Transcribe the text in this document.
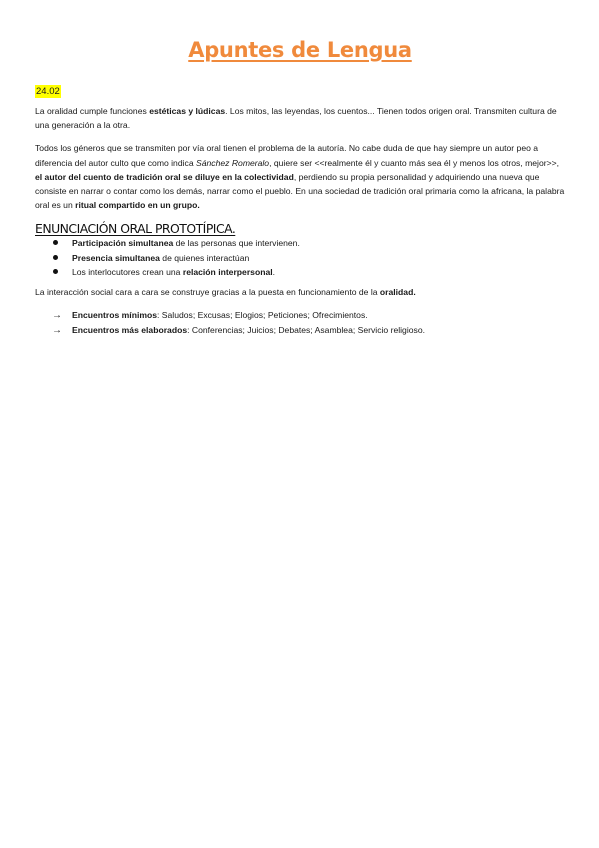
Apuntes de Lengua
24.02

La oralidad cumple funciones estéticas y lúdicas. Los mitos, las leyendas, los cuentos... Tienen todos origen oral. Transmiten cultura de una generación a la otra.

Todos los géneros que se transmiten por vía oral tienen el problema de la autoría. No cabe duda de que hay siempre un autor peo a diferencia del autor culto que como indica Sánchez Romeralo, quiere ser <<realmente él y cuanto más sea él y menos los otros, mejor>>, el autor del cuento de tradición oral se diluye en la colectividad, perdiendo su propia personalidad y adquiriendo una nueva que consiste en narrar o contar como los demás, narrar como el pueblo. En una sociedad de tradición oral primaria como la africana, la palabra oral es un ritual compartido en un grupo.

ENUNCIACIÓN ORAL PROTOTÍPICA.
Participación simultanea de las personas que intervienen.
Presencia simultanea de quienes interactúan
Los interlocutores crean una relación interpersonal.

La interacción social cara a cara se construye gracias a la puesta en funcionamiento de la oralidad.

→ Encuentros mínimos: Saludos; Excusas; Elogios; Peticiones; Ofrecimientos.
→ Encuentros más elaborados: Conferencias; Juicios; Debates; Asamblea; Servicio religioso.
